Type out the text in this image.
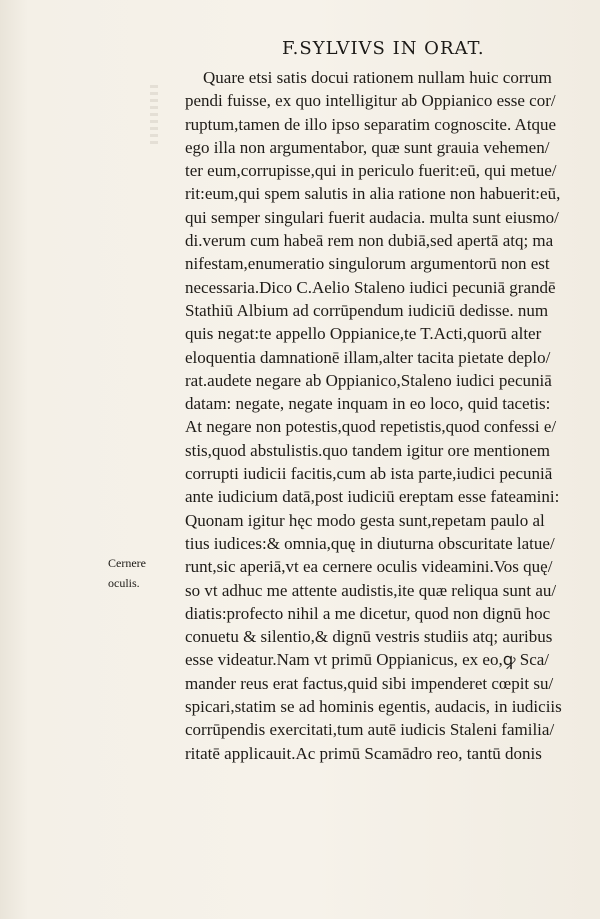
F.SYLVIVS IN ORAT.
Cernere
oculis.
Quare etsi satis docui rationem nullam huic corrum
pendi fuisse, ex quo intelligitur ab Oppianico esse cor/
ruptum,tamen de illo ipso separatim cognoscite. Atque
ego illa non argumentabor, quæ sunt grauia vehemen/
ter eum,corrupisse,qui in periculo fuerit:eū, qui metue/
rit:eum,qui spem salutis in alia ratione non habuerit:eū,
qui semper singulari fuerit audacia. multa sunt eiusmo/
di.verum cum habeā rem non dubiā,sed apertā atq; ma
nifestam,enumeratio singulorum argumentorū non est
necessaria.Dico C.Aelio Staleno iudici pecuniā grandē
Stathiū Albium ad corrūpendum iudiciū dedisse. num
quis negat:te appello Oppianice,te T.Acti,quorū alter
eloquentia damnationē illam,alter tacita pietate deplo/
rat.audete negare ab Oppianico,Staleno iudici pecuniā
datam: negate, negate inquam in eo loco, quid tacetis:
At negare non potestis,quod repetistis,quod confessi e/
stis,quod abstulistis.quo tandem igitur ore mentionem
corrupti iudicii facitis,cum ab ista parte,iudici pecuniā
ante iudicium datā,post iudiciū ereptam esse fateamini:
Quonam igitur hęc modo gesta sunt,repetam paulo al
tius iudices:& omnia,quę in diuturna obscuritate latue/
runt,sic aperiā,vt ea cernere oculis videamini.Vos quę/
so vt adhuc me attente audistis,ite quæ reliqua sunt au/
diatis:profecto nihil a me dicetur, quod non dignū hoc
conuetu & silentio,& dignū vestris studiis atq; auribus
esse videatur.Nam vt primū Oppianicus, ex eo,ꝙ Sca/
mander reus erat factus,quid sibi impenderet cœpit su/
spicari,statim se ad hominis egentis, audacis, in iudiciis
corrūpendis exercitati,tum autē iudicis Staleni familia/
ritatē applicauit.Ac primū Scamādro reo, tantū donis
